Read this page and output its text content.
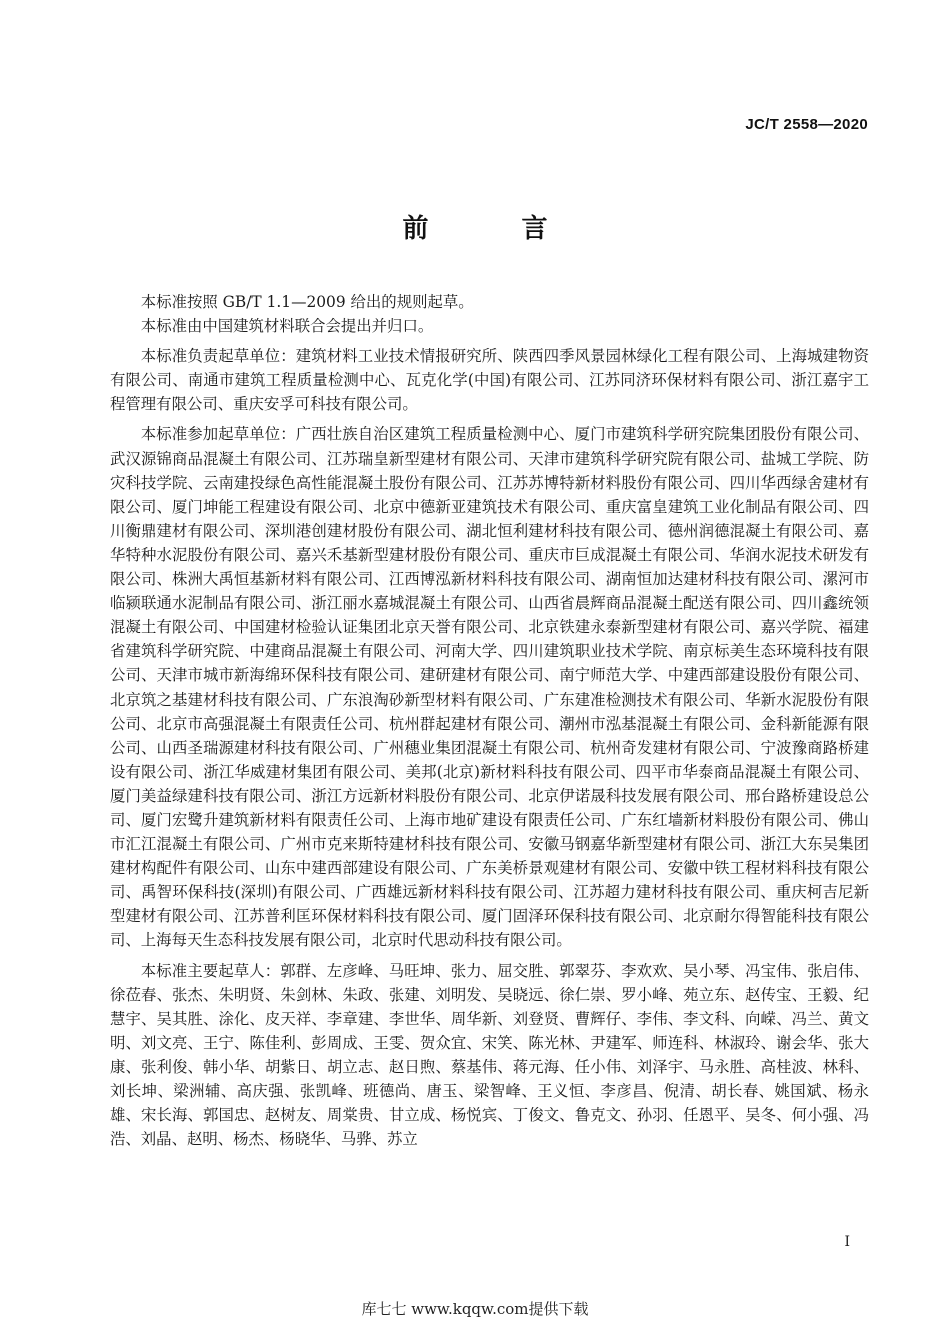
JC/T 2558—2020
前 言

本标准按照 GB/T 1.1—2009 给出的规则起草。

本标准由中国建筑材料联合会提出并归口。

本标准负责起草单位：建筑材料工业技术情报研究所、陕西四季风景园林绿化工程有限公司、上海城建物资有限公司、南通市建筑工程质量检测中心、瓦克化学(中国)有限公司、江苏同济环保材料有限公司、浙江嘉宇工程管理有限公司、重庆安孚可科技有限公司。

本标准参加起草单位：广西壮族自治区建筑工程质量检测中心、厦门市建筑科学研究院集团股份有限公司、武汉源锦商品混凝土有限公司、江苏瑞皇新型建材有限公司、天津市建筑科学研究院有限公司、盐城工学院、防灾科技学院、云南建投绿色高性能混凝土股份有限公司、江苏苏博特新材料股份有限公司、四川华西绿舍建材有限公司、厦门坤能工程建设有限公司、北京中德新亚建筑技术有限公司、重庆富皇建筑工业化制品有限公司、四川衡鼎建材有限公司、深圳港创建材股份有限公司、湖北恒利建材科技有限公司、德州润德混凝土有限公司、嘉华特种水泥股份有限公司、嘉兴禾基新型建材股份有限公司、重庆市巨成混凝土有限公司、华润水泥技术研发有限公司、株洲大禹恒基新材料有限公司、江西博泓新材料科技有限公司、湖南恒加达建材科技有限公司、漯河市临颍联通水泥制品有限公司、浙江丽水嘉城混凝土有限公司、山西省晨辉商品混凝土配送有限公司、四川鑫统领混凝土有限公司、中国建材检验认证集团北京天誉有限公司、北京铁建永泰新型建材有限公司、嘉兴学院、福建省建筑科学研究院、中建商品混凝土有限公司、河南大学、四川建筑职业技术学院、南京标美生态环境科技有限公司、天津市城市新海绵环保科技有限公司、建研建材有限公司、南宁师范大学、中建西部建设股份有限公司、北京筑之基建材科技有限公司、广东浪淘砂新型材料有限公司、广东建准检测技术有限公司、华新水泥股份有限公司、北京市高强混凝土有限责任公司、杭州群起建材有限公司、潮州市泓基混凝土有限公司、金科新能源有限公司、山西圣瑞源建材科技有限公司、广州穗业集团混凝土有限公司、杭州奇发建材有限公司、宁波豫商路桥建设有限公司、浙江华威建材集团有限公司、美邦(北京)新材料科技有限公司、四平市华泰商品混凝土有限公司、厦门美益绿建科技有限公司、浙江方远新材料股份有限公司、北京伊诺晟科技发展有限公司、邢台路桥建设总公司、厦门宏鹭升建筑新材料有限责任公司、上海市地矿建设有限责任公司、广东红墙新材料股份有限公司、佛山市汇江混凝土有限公司、广州市克来斯特建材科技有限公司、安徽马钢嘉华新型建材有限公司、浙江大东吴集团建材构配件有限公司、山东中建西部建设有限公司、广东美桥景观建材有限公司、安徽中铁工程材料科技有限公司、禹智环保科技(深圳)有限公司、广西雄远新材料科技有限公司、江苏超力建材科技有限公司、重庆柯吉尼新型建材有限公司、江苏普利匡环保材料科技有限公司、厦门固泽环保科技有限公司、北京耐尔得智能科技有限公司、上海每天生态科技发展有限公司，北京时代思动科技有限公司。

本标准主要起草人：郭群、左彦峰、马旺坤、张力、屈交胜、郭翠芬、李欢欢、吴小琴、冯宝伟、张启伟、徐莅春、张杰、朱明贤、朱剑林、朱政、张建、刘明发、吴晓远、徐仁崇、罗小峰、苑立东、赵传宝、王毅、纪慧宇、吴其胜、涂化、皮天祥、李章建、李世华、周华新、刘登贤、曹辉仔、李伟、李文科、向嵘、冯兰、黄文明、刘文亮、王宁、陈佳利、彭周成、王雯、贺众宜、宋笑、陈光林、尹建军、师连科、林淑玲、谢会华、张大康、张利俊、韩小华、胡紫日、胡立志、赵日煦、蔡基伟、蒋元海、任小伟、刘泽宇、马永胜、高桂波、林科、刘长坤、梁洲辅、高庆强、张凯峰、班德尚、唐玉、梁智峰、王义恒、李彦昌、倪清、胡长春、姚国斌、杨永雄、宋长海、郭国忠、赵树友、周棠贵、甘立成、杨悦宾、丁俊文、鲁克文、孙羽、任恩平、吴冬、何小强、冯浩、刘晶、赵明、杨杰、杨晓华、马骅、苏立

I
库七七 www.kqqw.com提供下载
